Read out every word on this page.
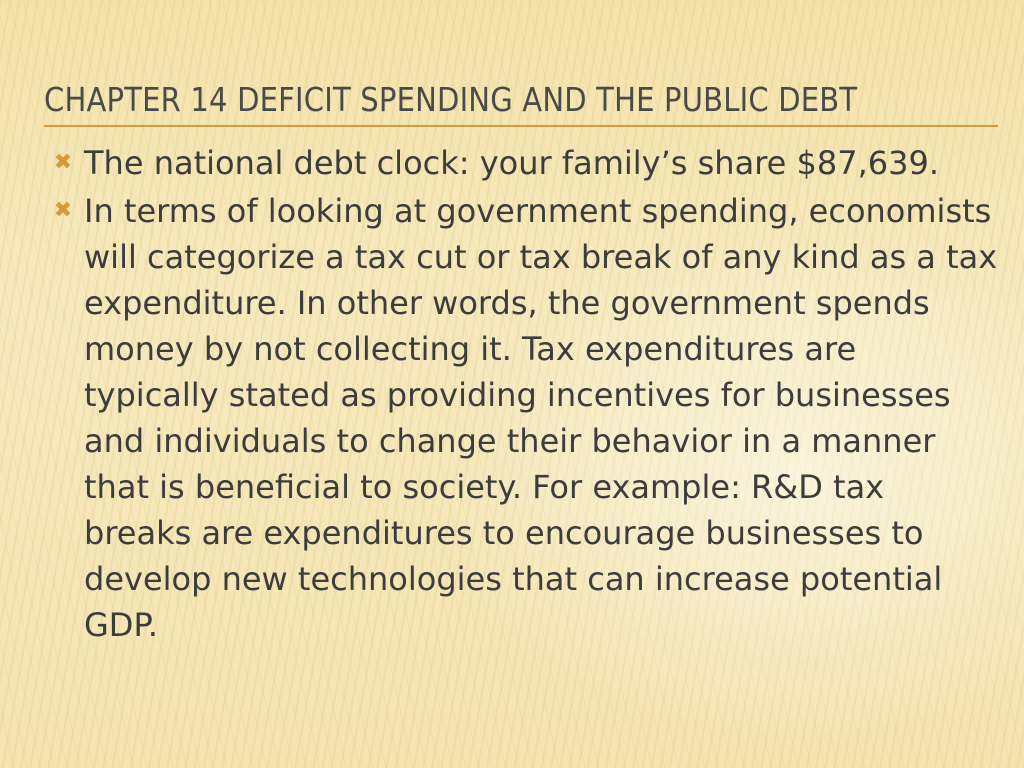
CHAPTER 14 DEFICIT SPENDING AND THE PUBLIC DEBT
✖ The national debt clock: your family’s share $87,639.
✖ In terms of looking at government spending, economists will categorize a tax cut or tax break of any kind as a tax expenditure. In other words, the government spends money by not collecting it. Tax expenditures are typically stated as providing incentives for businesses and individuals to change their behavior in a manner that is beneficial to society. For example: R&D tax breaks are expenditures to encourage businesses to develop new technologies that can increase potential GDP.
